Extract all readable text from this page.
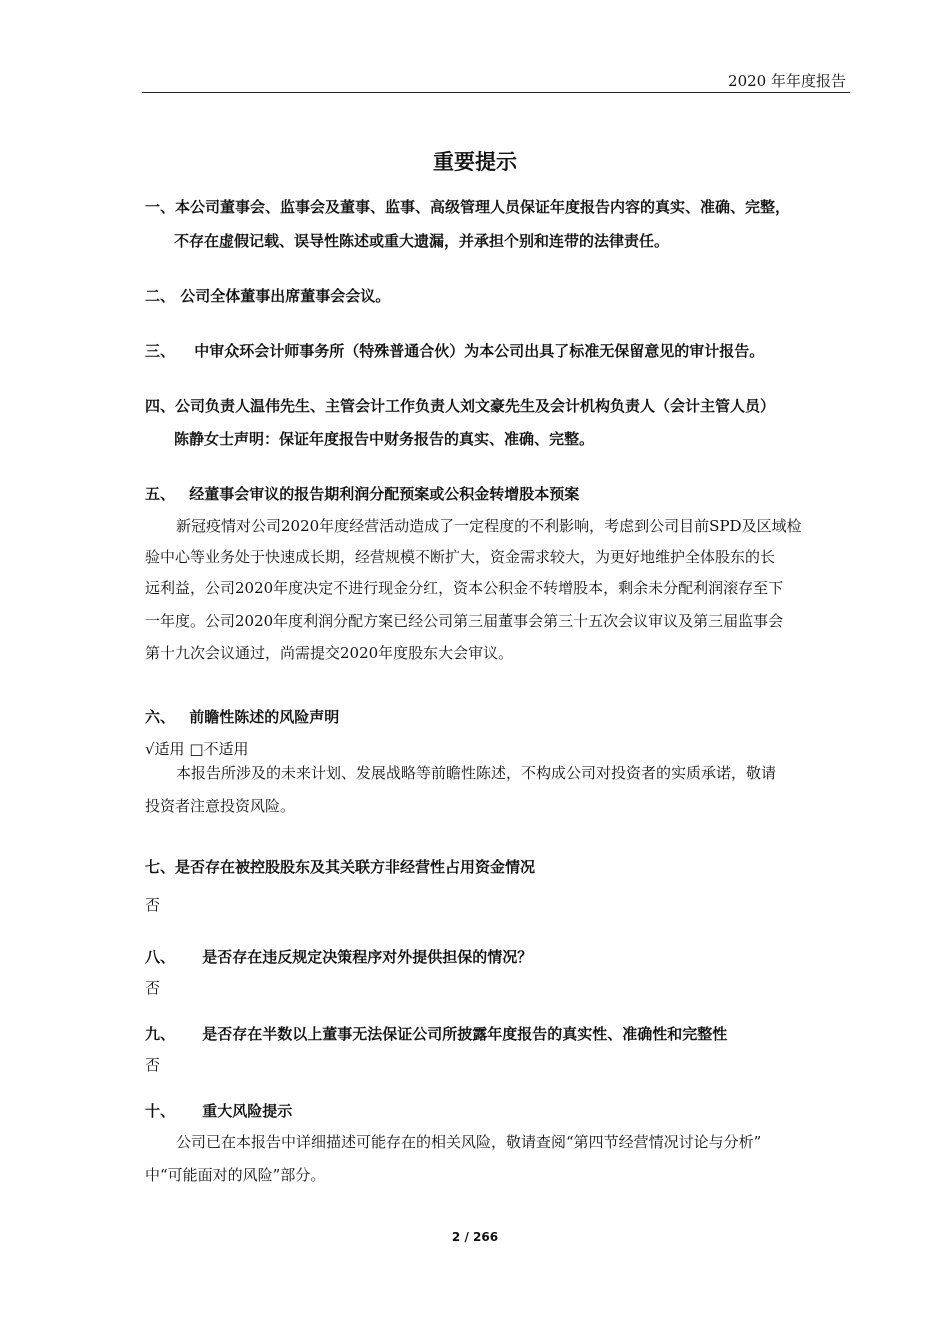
2020 年年度报告
重要提示
一、本公司董事会、监事会及董事、监事、高级管理人员保证年度报告内容的真实、准确、完整，
不存在虚假记载、误导性陈述或重大遗漏，并承担个别和连带的法律责任。
二、 公司全体董事出席董事会会议。
三、 中审众环会计师事务所（特殊普通合伙）为本公司出具了标准无保留意见的审计报告。
四、公司负责人温伟先生、主管会计工作负责人刘文豪先生及会计机构负责人（会计主管人员）
陈静女士声明：保证年度报告中财务报告的真实、准确、完整。
五、 经董事会审议的报告期利润分配预案或公积金转增股本预案
新冠疫情对公司2020年度经营活动造成了一定程度的不利影响，考虑到公司目前SPD及区域检
验中心等业务处于快速成长期，经营规模不断扩大，资金需求较大，为更好地维护全体股东的长
远利益，公司2020年度决定不进行现金分红，资本公积金不转增股本，剩余未分配利润滚存至下
一年度。公司2020年度利润分配方案已经公司第三届董事会第三十五次会议审议及第三届监事会
第十九次会议通过，尚需提交2020年度股东大会审议。
六、 前瞻性陈述的风险声明
√适用 □不适用
本报告所涉及的未来计划、发展战略等前瞻性陈述，不构成公司对投资者的实质承诺，敬请
投资者注意投资风险。
七、是否存在被控股股东及其关联方非经营性占用资金情况
否
八、 是否存在违反规定决策程序对外提供担保的情况？
否
九、 是否存在半数以上董事无法保证公司所披露年度报告的真实性、准确性和完整性
否
十、 重大风险提示
公司已在本报告中详细描述可能存在的相关风险，敬请查阅“第四节经营情况讨论与分析”
中“可能面对的风险”部分。
2 / 266
